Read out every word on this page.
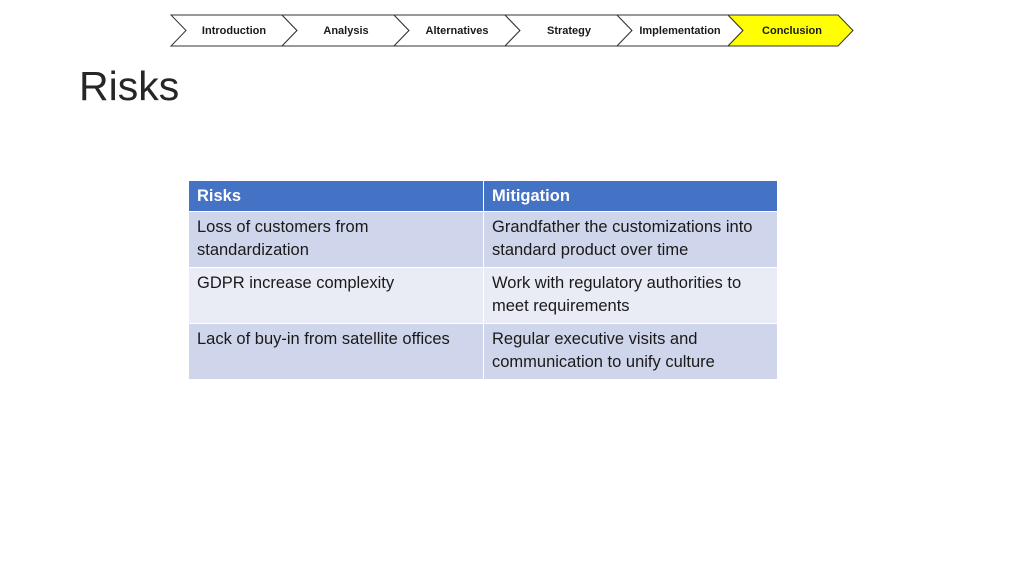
Introduction	Analysis	Alternatives	Strategy	Implementation	Conclusion
Risks
Risks	Mitigation
Loss of customers from standardization	Grandfather the customizations into standard product over time
GDPR increase complexity	Work with regulatory authorities to meet requirements
Lack of buy-in from satellite offices	Regular executive visits and communication to unify culture
